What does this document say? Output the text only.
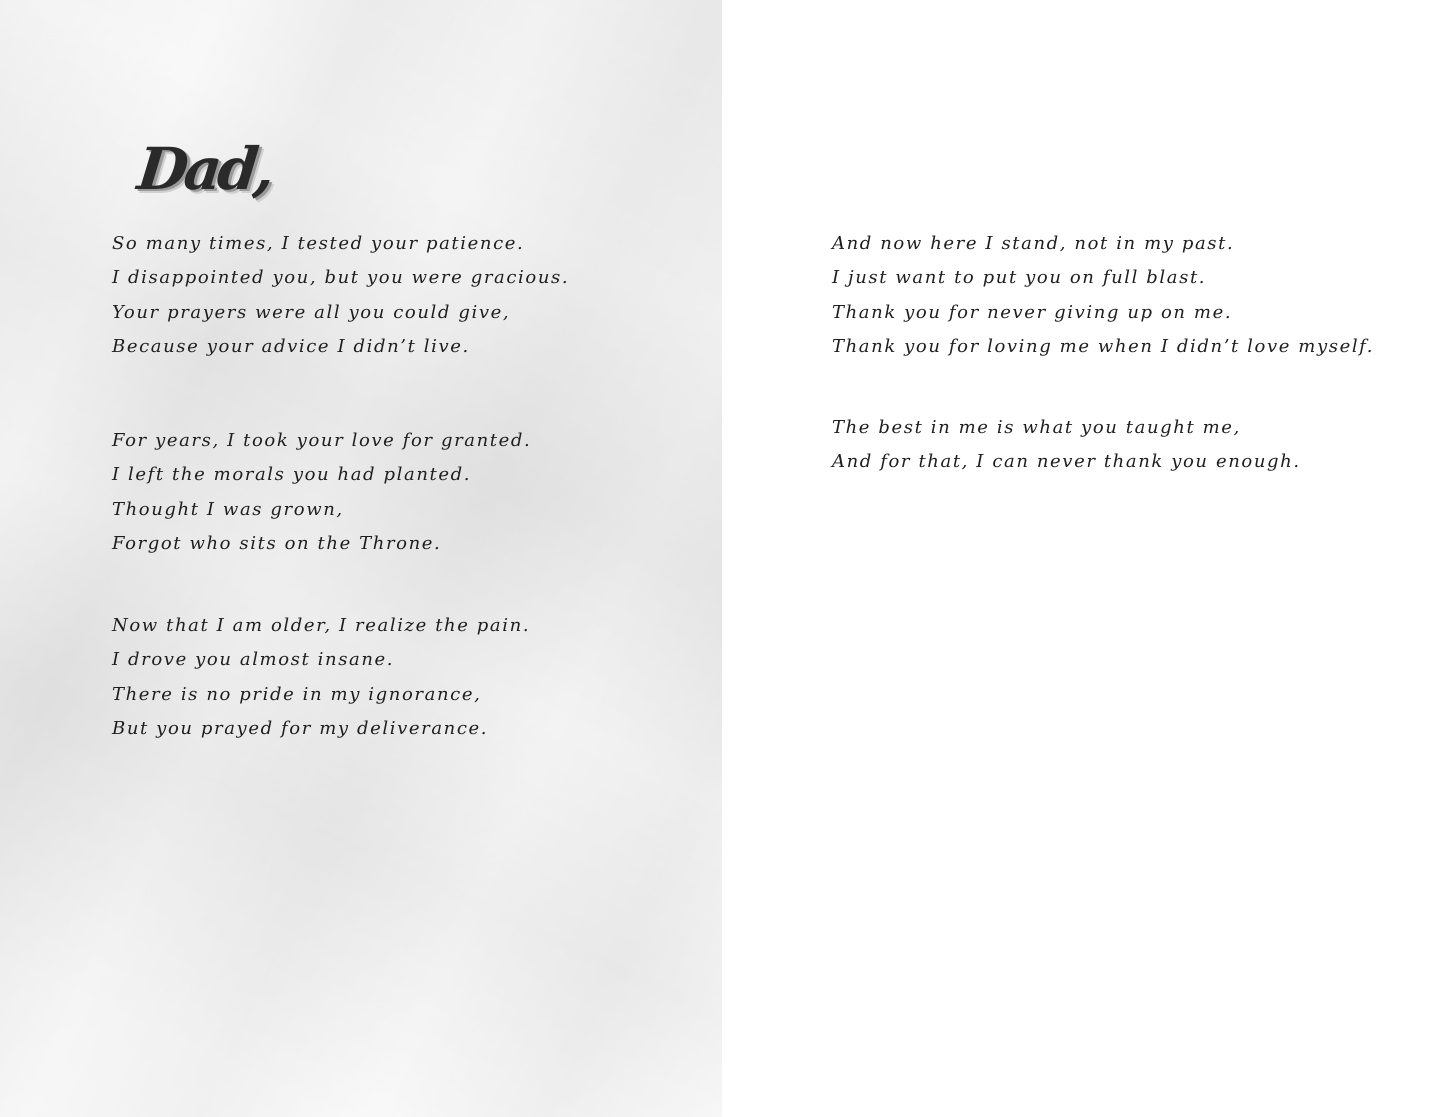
Dad,
So many times, I tested your patience.
I disappointed you, but you were gracious.
Your prayers were all you could give,
Because your advice I didn’t live.
For years, I took your love for granted.
I left the morals you had planted.
Thought I was grown,
Forgot who sits on the Throne.
Now that I am older, I realize the pain.
I drove you almost insane.
There is no pride in my ignorance,
But you prayed for my deliverance.
And now here I stand, not in my past.
I just want to put you on full blast.
Thank you for never giving up on me.
Thank you for loving me when I didn’t love myself.
The best in me is what you taught me,
And for that, I can never thank you enough.
